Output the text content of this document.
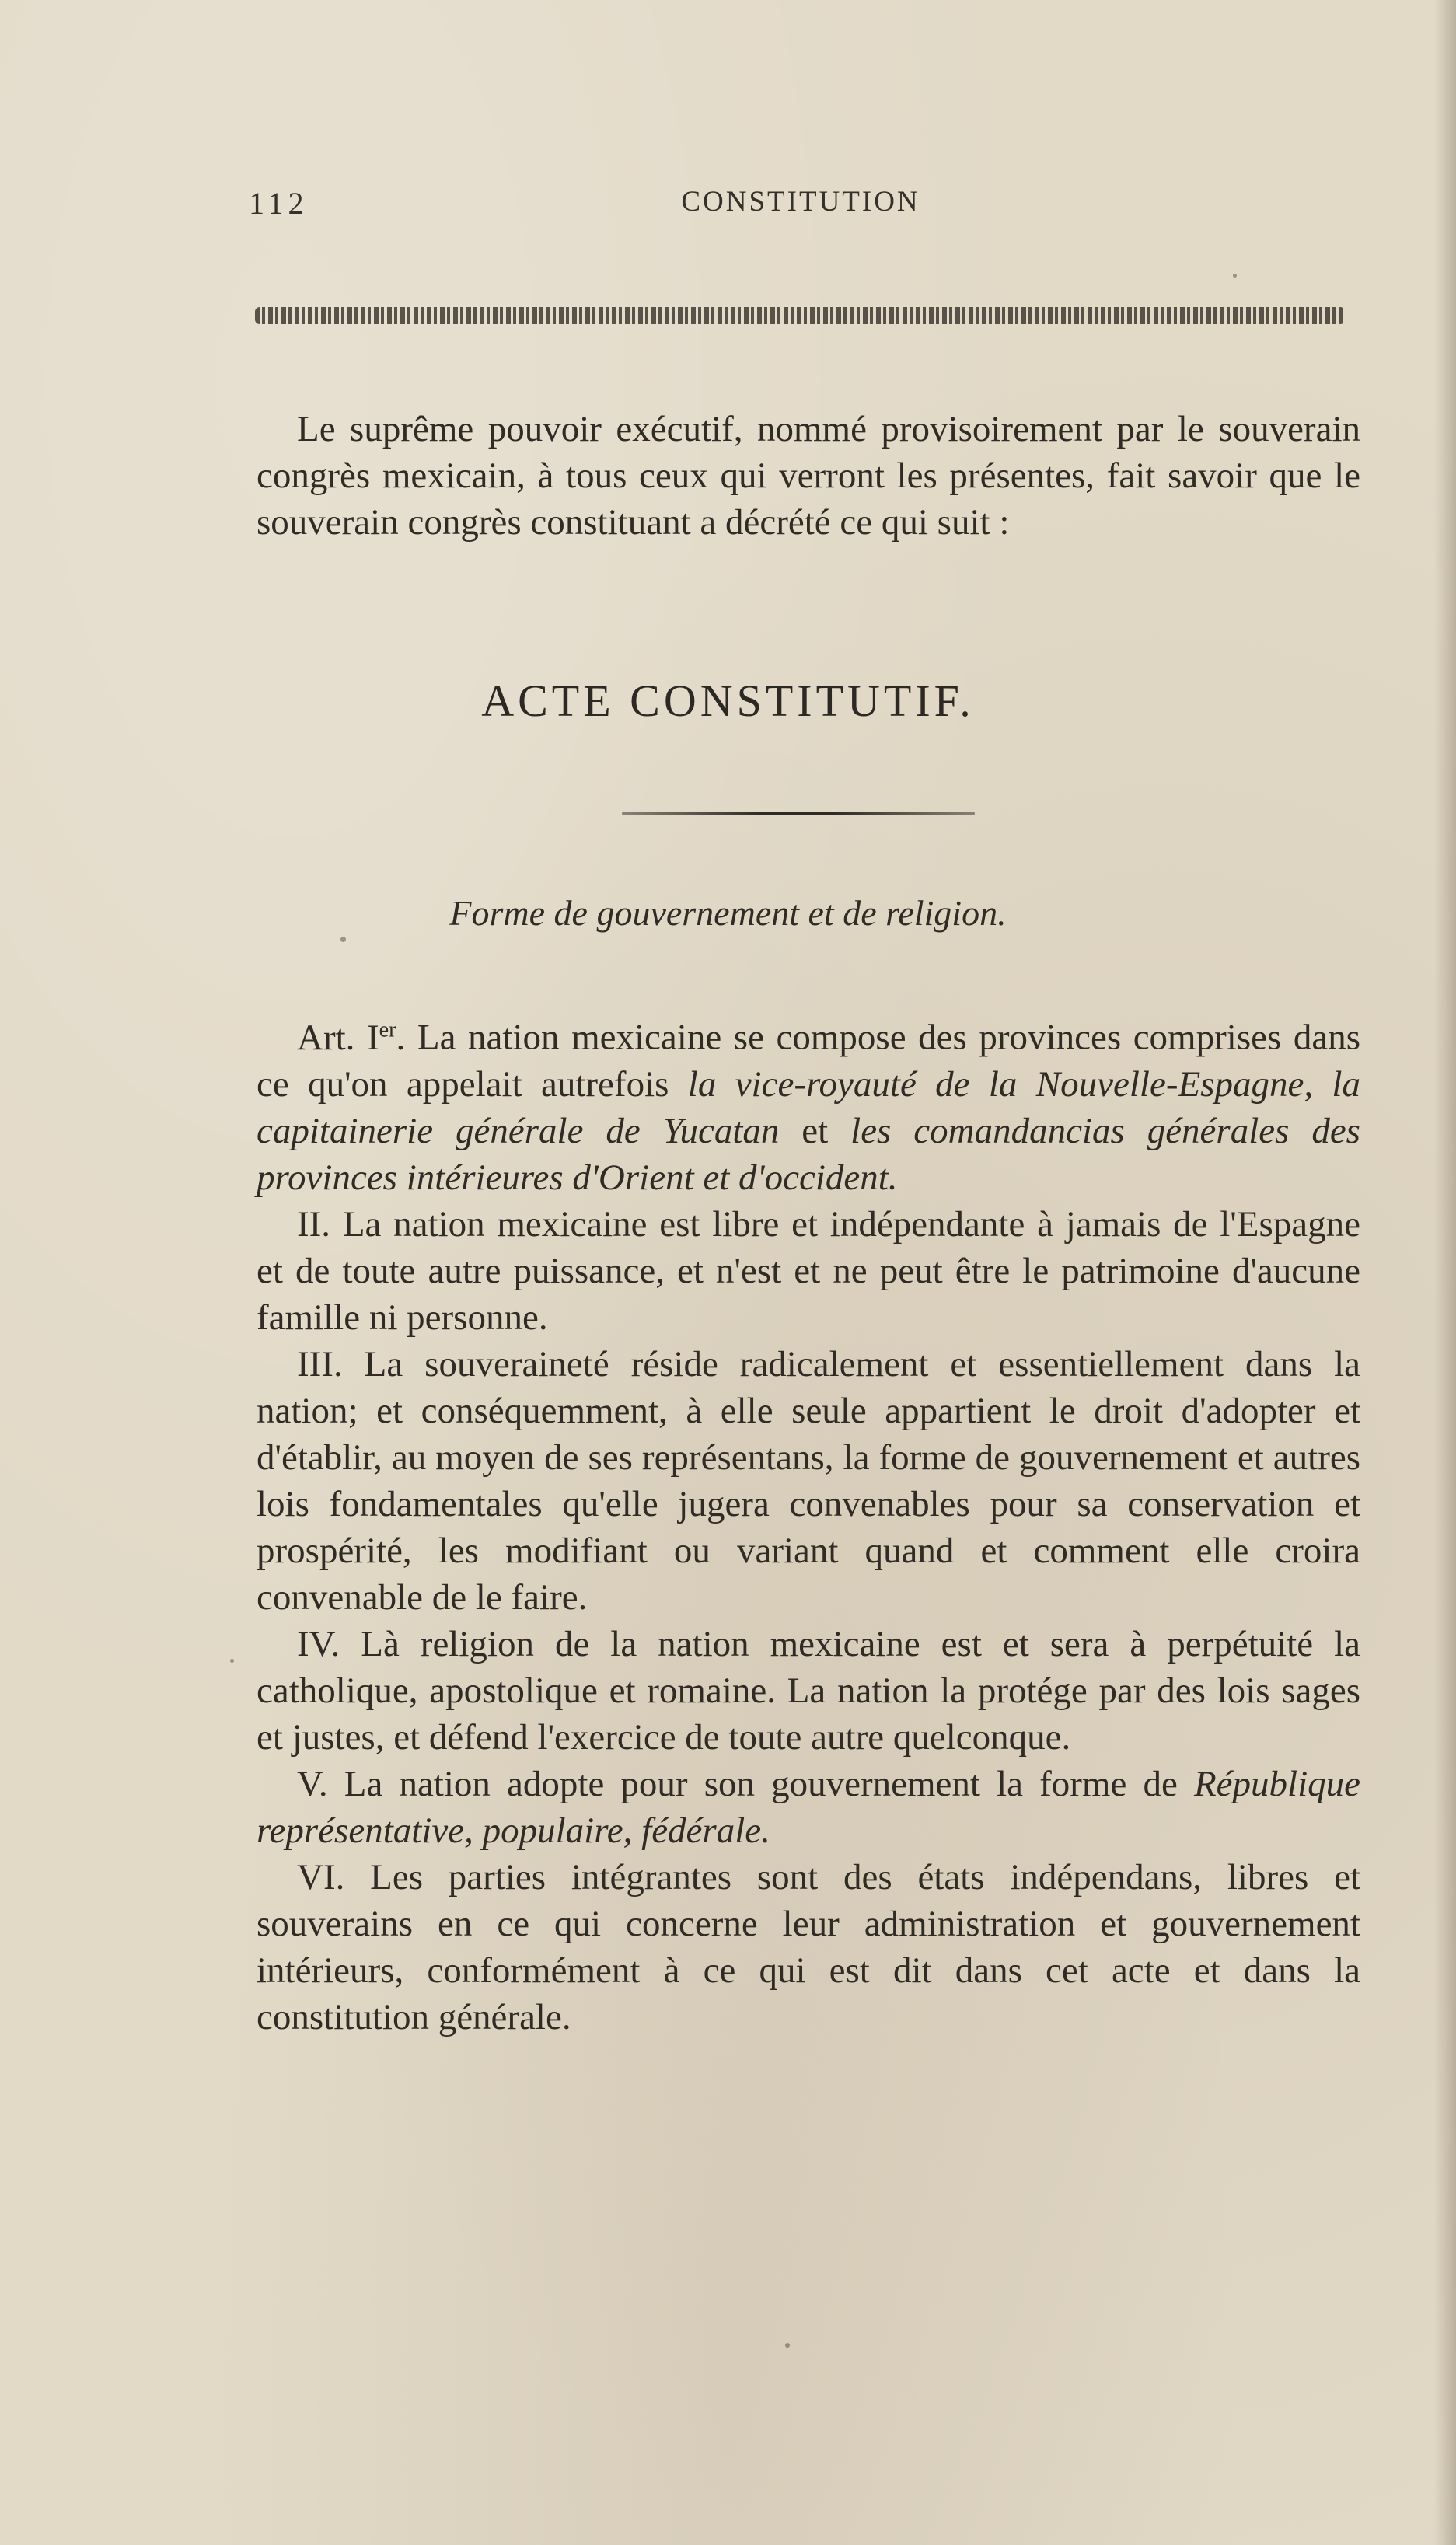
112	CONSTITUTION

Le suprême pouvoir exécutif, nommé provisoirement par le souverain congrès mexicain, à tous ceux qui verront les présentes, fait savoir que le souverain congrès constituant a décrété ce qui suit :

ACTE CONSTITUTIF.
Forme de gouvernement et de religion.

Art. Ier. La nation mexicaine se compose des provinces comprises dans ce qu'on appelait autrefois la vice-royauté de la Nouvelle-Espagne, la capitainerie générale de Yucatan et les comandancias générales des provinces intérieures d'Orient et d'occident.

II. La nation mexicaine est libre et indépendante à jamais de l'Espagne et de toute autre puissance, et n'est et ne peut être le patrimoine d'aucune famille ni personne.

III. La souveraineté réside radicalement et essentiellement dans la nation; et conséquemment, à elle seule appartient le droit d'adopter et d'établir, au moyen de ses représentans, la forme de gouvernement et autres lois fondamentales qu'elle jugera convenables pour sa conservation et prospérité, les modifiant ou variant quand et comment elle croira convenable de le faire.

IV. Là religion de la nation mexicaine est et sera à perpétuité la catholique, apostolique et romaine. La nation la protége par des lois sages et justes, et défend l'exercice de toute autre quelconque.

V. La nation adopte pour son gouvernement la forme de République représentative, populaire, fédérale.

VI. Les parties intégrantes sont des états indépendans, libres et souverains en ce qui concerne leur administration et gouvernement intérieurs, conformément à ce qui est dit dans cet acte et dans la constitution générale.
